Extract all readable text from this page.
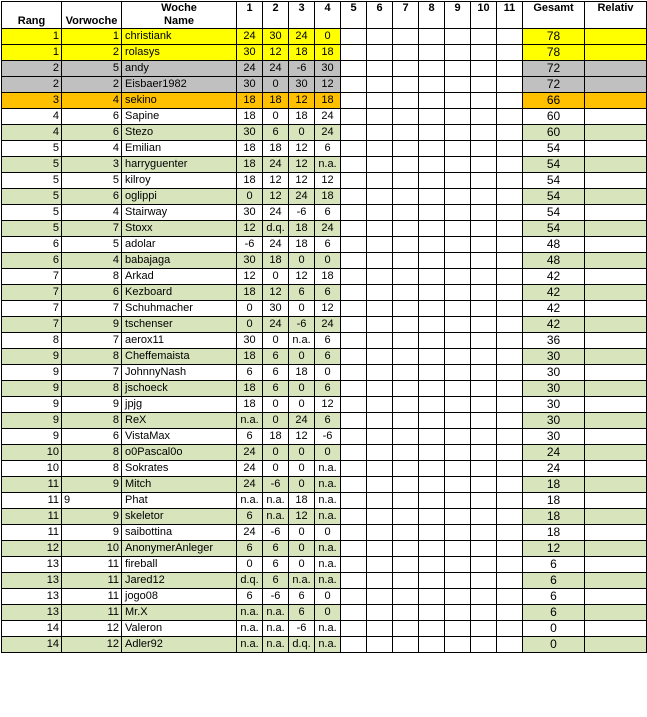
		Woche	1	2	3	4	5	6	7	8	9	10	11	Gesamt	Relativ
Rang	Vorwoche	Name													
1	1	christiank	24	30	24	0								78	
1	2	rolasys	30	12	18	18								78	
2	5	andy	24	24	-6	30								72	
2	2	Eisbaer1982	30	0	30	12								72	
3	4	sekino	18	18	12	18								66	
4	6	Sapine	18	0	18	24								60	
4	6	Stezo	30	6	0	24								60	
5	4	Emilian	18	18	12	6								54	
5	3	harryguenter	18	24	12	n.a.								54	
5	5	kilroy	18	12	12	12								54	
5	6	oglippi	0	12	24	18								54	
5	4	Stairway	30	24	-6	6								54	
5	7	Stoxx	12	d.q.	18	24								54	
6	5	adolar	-6	24	18	6								48	
6	4	babajaga	30	18	0	0								48	
7	8	Arkad	12	0	12	18								42	
7	6	Kezboard	18	12	6	6								42	
7	7	Schuhmacher	0	30	0	12								42	
7	9	tschenser	0	24	-6	24								42	
8	7	aerox11	30	0	n.a.	6								36	
9	8	Cheffemaista	18	6	0	6								30	
9	7	JohnnyNash	6	6	18	0								30	
9	8	jschoeck	18	6	0	6								30	
9	9	jpjg	18	0	0	12								30	
9	8	ReX	n.a.	0	24	6								30	
9	6	VistaMax	6	18	12	-6								30	
10	8	o0Pascal0o	24	0	0	0								24	
10	8	Sokrates	24	0	0	n.a.								24	
11	9	Mitch	24	-6	0	n.a.								18	
11	9	Phat	n.a.	n.a.	18	n.a.								18	
11	9	skeletor	6	n.a.	12	n.a.								18	
11	9	saibottina	24	-6	0	0								18	
12	10	AnonymerAnleger	6	6	0	n.a.								12	
13	11	fireball	0	6	0	n.a.								6	
13	11	Jared12	d.q.	6	n.a.	n.a.								6	
13	11	jogo08	6	-6	6	0								6	
13	11	Mr.X	n.a.	n.a.	6	0								6	
14	12	Valeron	n.a.	n.a.	-6	n.a.								0	
14	12	Adler92	n.a.	n.a.	d.q.	n.a.								0	
